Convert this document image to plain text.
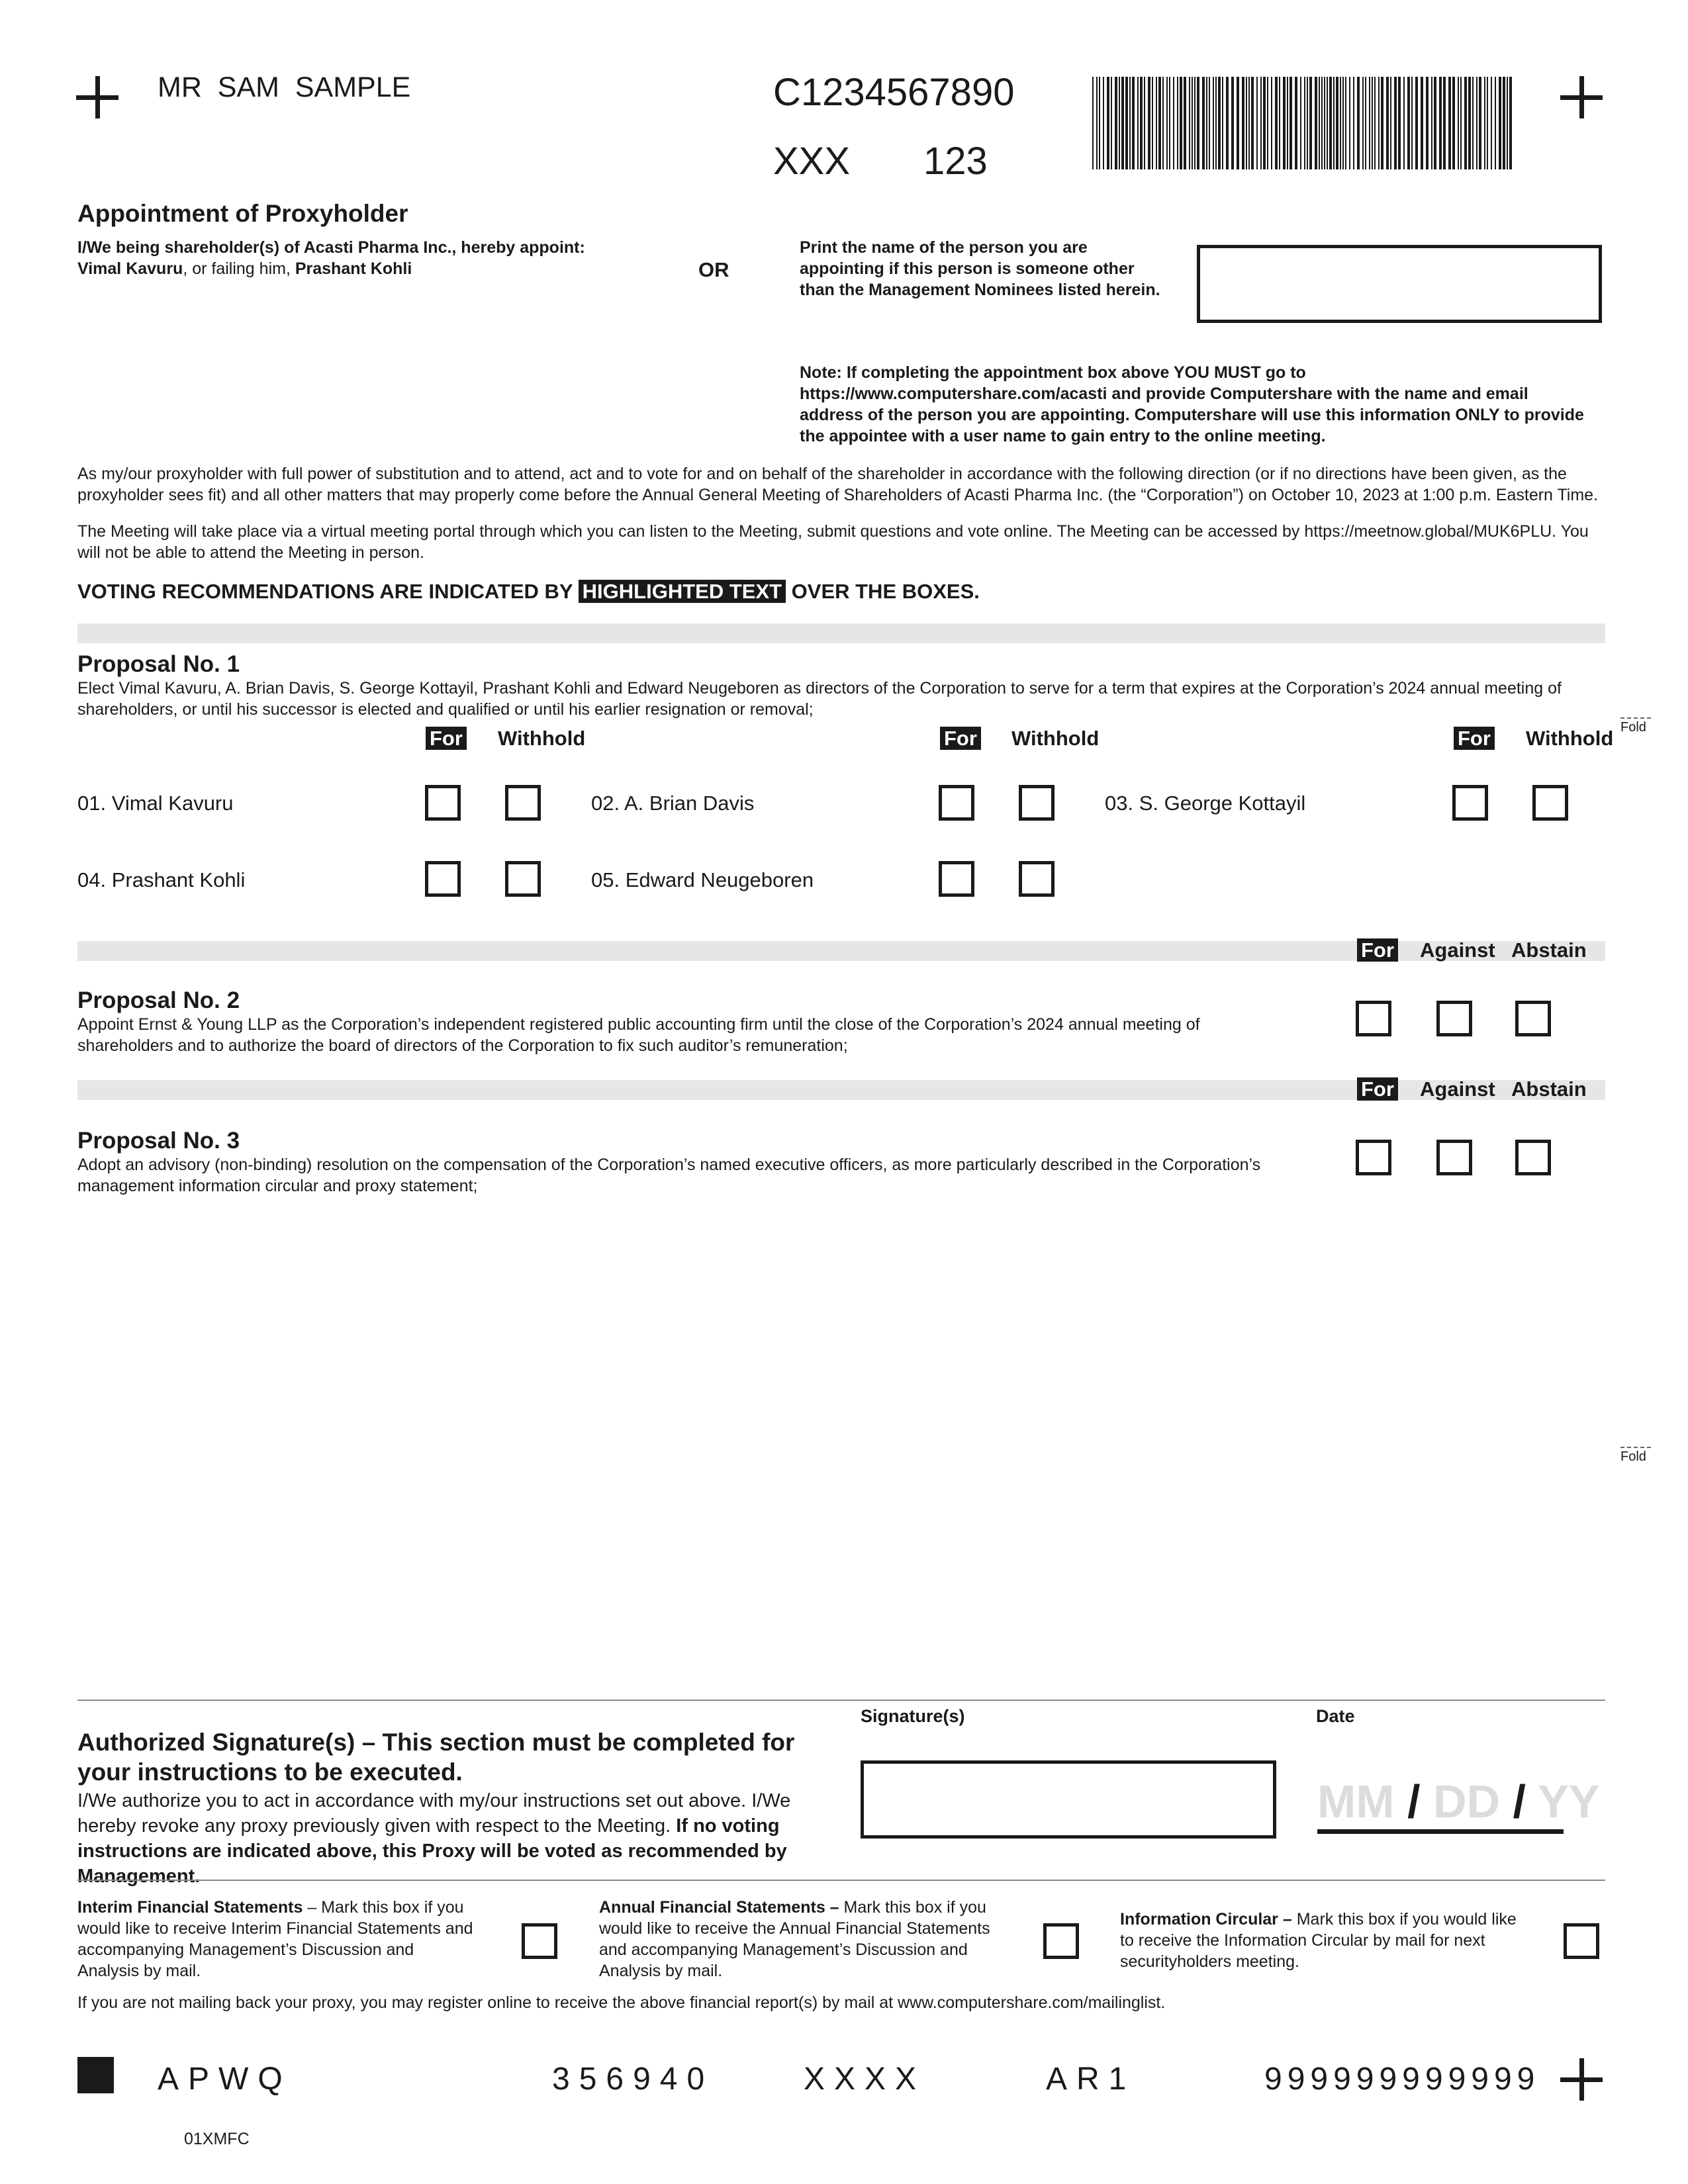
MR  SAM  SAMPLE	C1234567890
XXX 123
Appointment of Proxyholder
I/We being shareholder(s) of Acasti Pharma Inc., hereby appoint: Vimal Kavuru, or failing him, Prashant Kohli	OR
Print the name of the person you are appointing if this person is someone other than the Management Nominees listed herein.
Note: If completing the appointment box above YOU MUST go to https://www.computershare.com/acasti and provide Computershare with the name and email address of the person you are appointing. Computershare will use this information ONLY to provide the appointee with a user name to gain entry to the online meeting.
As my/our proxyholder with full power of substitution and to attend, act and to vote for and on behalf of the shareholder in accordance with the following direction (or if no directions have been given, as the proxyholder sees fit) and all other matters that may properly come before the Annual General Meeting of Shareholders of Acasti Pharma Inc. (the “Corporation”) on October 10, 2023 at 1:00 p.m. Eastern Time.
The Meeting will take place via a virtual meeting portal through which you can listen to the Meeting, submit questions and vote online. The Meeting can be accessed by https://meetnow.global/MUK6PLU. You will not be able to attend the Meeting in person.
VOTING RECOMMENDATIONS ARE INDICATED BY HIGHLIGHTED TEXT OVER THE BOXES.
Proposal No. 1
Elect Vimal Kavuru, A. Brian Davis, S. George Kottayil, Prashant Kohli and Edward Neugeboren as directors of the Corporation to serve for a term that expires at the Corporation’s 2024 annual meeting of shareholders, or until his successor is elected and qualified or until his earlier resignation or removal;
Fold
Fold
For Withhold	For Withhold	For Withhold
01. Vimal Kavuru	02. A. Brian Davis	03. S. George Kottayil
04. Prashant Kohli	05. Edward Neugeboren
For Against Abstain
Proposal No. 2
Appoint Ernst & Young LLP as the Corporation’s independent registered public accounting firm until the close of the Corporation’s 2024 annual meeting of shareholders and to authorize the board of directors of the Corporation to fix such auditor’s remuneration;
For Against Abstain
Proposal No. 3
Adopt an advisory (non-binding) resolution on the compensation of the Corporation’s named executive officers, as more particularly described in the Corporation’s management information circular and proxy statement;
Authorized Signature(s) – This section must be completed for your instructions to be executed.
I/We authorize you to act in accordance with my/our instructions set out above. I/We hereby revoke any proxy previously given with respect to the Meeting. If no voting instructions are indicated above, this Proxy will be voted as recommended by Management.
Signature(s)	Date
MM / DD / YY
Interim Financial Statements – Mark this box if you would like to receive Interim Financial Statements and accompanying Management’s Discussion and Analysis by mail.
Annual Financial Statements – Mark this box if you would like to receive the Annual Financial Statements and accompanying Management’s Discussion and Analysis by mail.
Information Circular – Mark this box if you would like to receive the Information Circular by mail for next securityholders meeting.
If you are not mailing back your proxy, you may register online to receive the above financial report(s) by mail at www.computershare.com/mailinglist.
APWQ	356940	XXXX	AR1	999999999999
01XMFC
